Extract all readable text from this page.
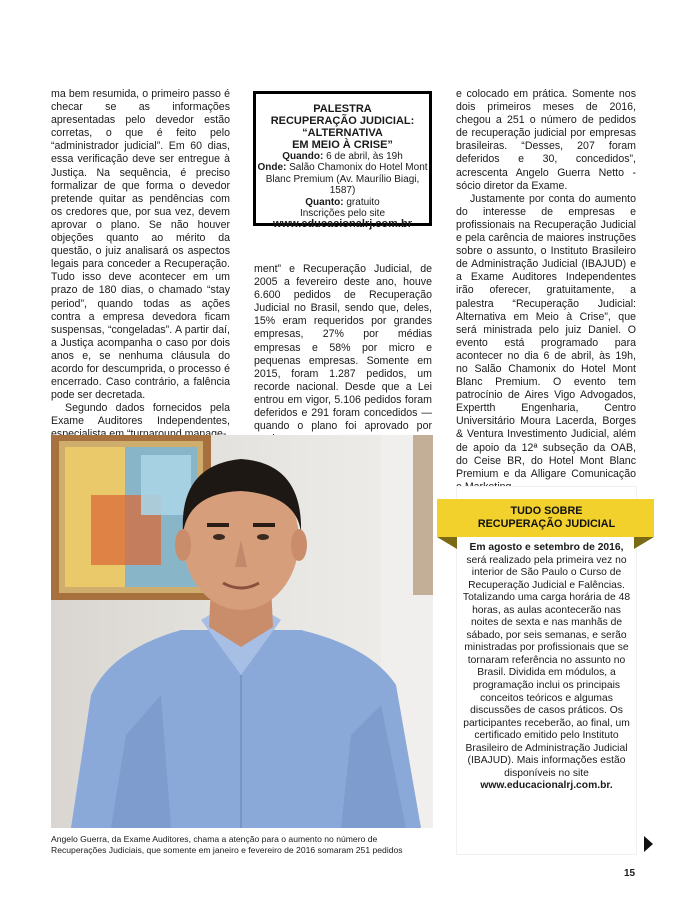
ma bem resumida, o primeiro passo é checar se as informações apresentadas pelo devedor estão corretas, o que é feito pelo “administrador judicial”. Em 60 dias, essa verificação deve ser entregue à Justiça. Na sequência, é preciso formalizar de que forma o devedor pretende quitar as pendências com os credores que, por sua vez, devem aprovar o plano. Se não houver objeções quanto ao mérito da questão, o juiz analisará os aspectos legais para conceder a Recuperação. Tudo isso deve acontecer em um prazo de 180 dias, o chamado “stay period”, quando todas as ações contra a empresa devedora ficam suspensas, “congeladas”. A partir daí, a Justiça acompanha o caso por dois anos e, se nenhuma cláusula do acordo for descumprida, o processo é encerrado. Caso contrário, a falência pode ser decretada.

Segundo dados fornecidos pela Exame Auditores Independentes,

PALESTRA
RECUPERAÇÃO JUDICIAL:
“ALTERNATIVA
EM MEIO À CRISE”
Quando: 6 de abril, às 19h
Onde: Salão Chamonix do Hotel Mont Blanc Premium (Av. Maurílio Biagi, 1587)
Quanto: gratuito
Inscrições pelo site
www.educacionalrj.com.br

ment” e Recuperação Judicial, de 2005 a fevereiro deste ano, houve 6.600 pedidos de Recuperação Judicial no Brasil, sendo que, deles, 15% eram requeridos por grandes empresas, 27% por médias empresas e 58% por micro e pequenas empresas. Somente em 2015, foram 1.287 pedidos, um recorde nacional. Desde que a Lei entrou em vigor, 5.106 pedidos foram deferidos e 291 foram concedidos — quando o plano foi aprovado por

e colocado em prática. Somente nos dois primeiros meses de 2016, chegou a 251 o número de pedidos de recuperação judicial por empresas brasileiras. “Desses, 207 foram deferidos e 30, concedidos”, acrescenta Angelo Guerra Netto - sócio diretor da Exame.

Justamente por conta do aumento do interesse de empresas e profissionais na Recuperação Judicial e pela carência de maiores instruções sobre o assunto, o Instituto Brasileiro de Administração Judicial (IBAJUD) e a Exame Auditores Independentes irão oferecer, gratuitamente, a palestra “Recuperação Judicial: Alternativa em Meio à Crise”, que será ministrada pelo juiz Daniel. O evento está programado para acontecer no dia 6 de abril, às 19h, no Salão Chamonix do Hotel Mont Blanc Premium. O evento tem patrocínio de Aires Vigo Advogados, Expertth Engenharia, Centro Universitário Moura Lacerda, Borges & Ventura Investimento Judicial, além de apoio da 12ª subseção da OAB, do Ceise BR, do Hotel Mont Blanc Premium e da Alligare Comunicação

Angelo Guerra, da Exame Auditores, chama a atenção para o aumento no número de Recuperações Judiciais, que somente em janeiro e fevereiro de 2016 somaram 251 pedidos
TUDO SOBRE
RECUPERAÇÃO JUDICIAL
Em agosto e setembro de 2016, será realizado pela primeira vez no interior de São Paulo o Curso de Recuperação Judicial e Falências. Totalizando uma carga horária de 48 horas, as aulas acontecerão nas noites de sexta e nas manhãs de sábado, por seis semanas, e serão ministradas por profissionais que se tornaram referência no assunto no Brasil. Dividida em módulos, a programação inclui os principais conceitos teóricos e algumas discussões de casos práticos. Os participantes receberão, ao final, um certificado emitido pelo Instituto Brasileiro de Administração Judicial (IBAJUD). Mais informações estão disponíveis no site www.educacionalrj.com.br.
15
